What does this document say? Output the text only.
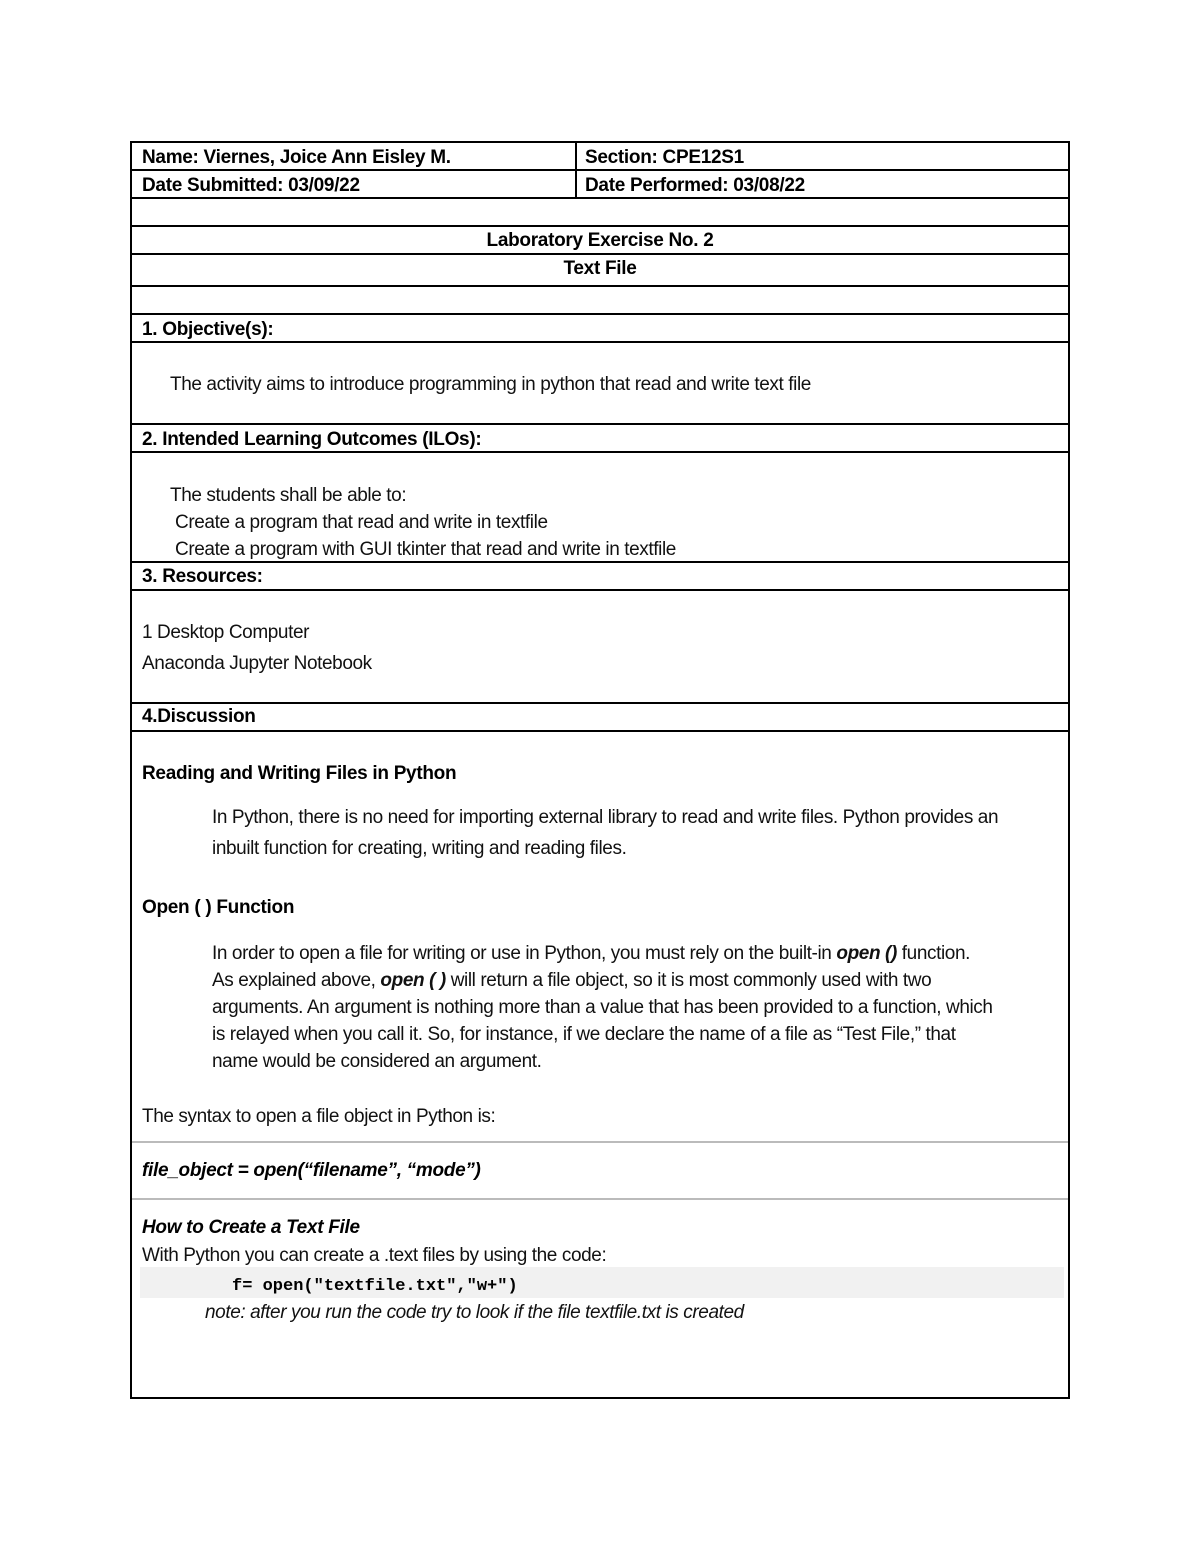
Name: Viernes, Joice Ann Eisley M.	Section: CPE12S1
Date Submitted: 03/09/22	Date Performed: 03/08/22
Laboratory Exercise No. 2
Text File
1. Objective(s):
The activity aims to introduce programming in python that read and write text file
2. Intended Learning Outcomes (ILOs):
The students shall be able to:
Create a program that read and write in textfile
Create a program with GUI tkinter that read and write in textfile
3. Resources:
1 Desktop Computer
Anaconda Jupyter Notebook
4.Discussion
Reading and Writing Files in Python
In Python, there is no need for importing external library to read and write files. Python provides an
inbuilt function for creating, writing and reading files.
Open ( ) Function
In order to open a file for writing or use in Python, you must rely on the built-in open () function.
As explained above, open ( ) will return a file object, so it is most commonly used with two
arguments. An argument is nothing more than a value that has been provided to a function, which
is relayed when you call it. So, for instance, if we declare the name of a file as “Test File,” that
name would be considered an argument.
The syntax to open a file object in Python is:
file_object = open(“filename”, “mode”)
How to Create a Text File
With Python you can create a .text files by using the code:
f= open("textfile.txt","w+")
note: after you run the code try to look if the file textfile.txt is created
